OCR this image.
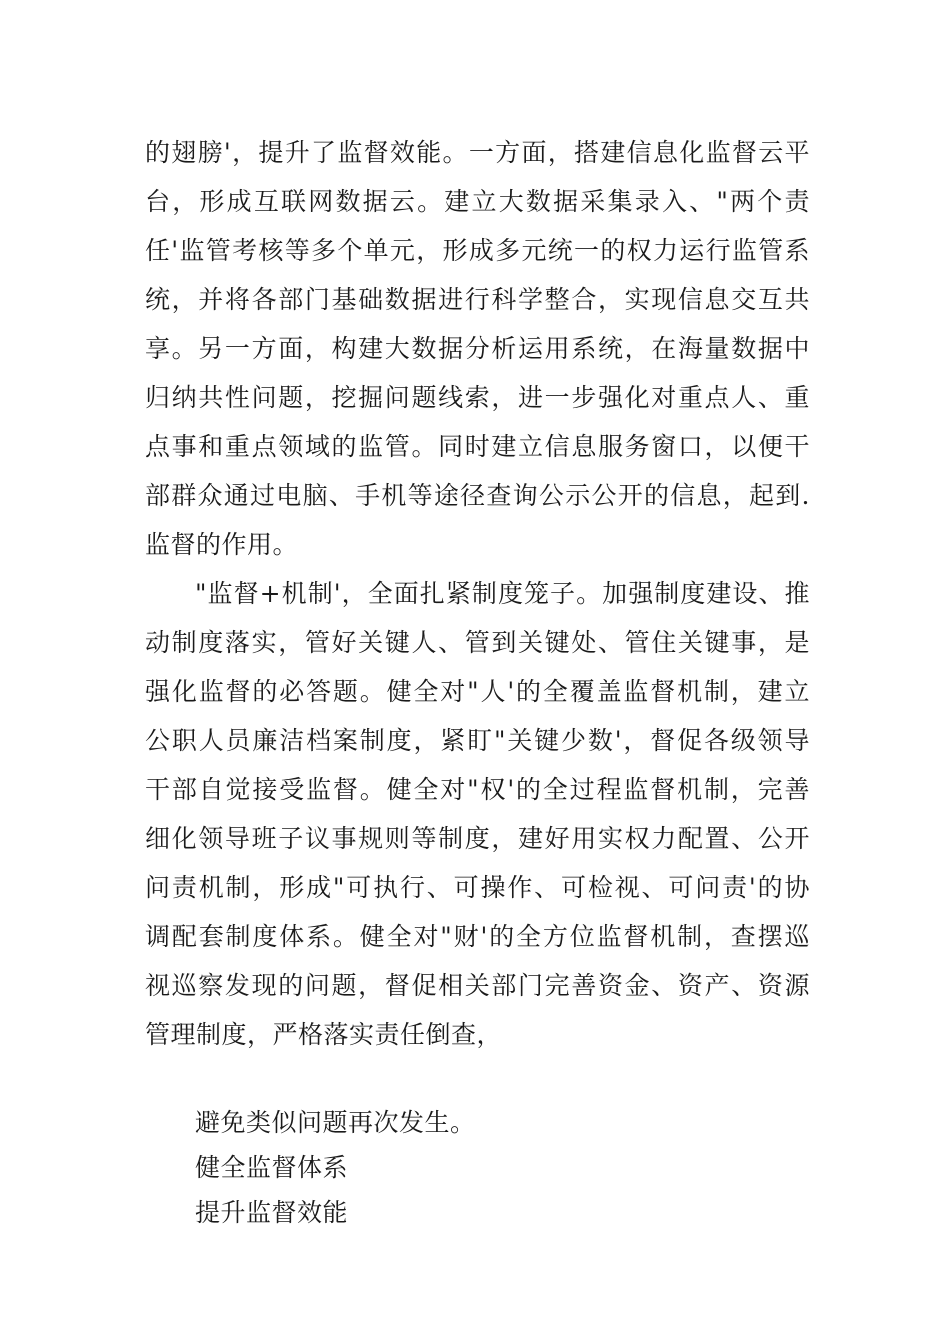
的翅膀'，提升了监督效能。一方面，搭建信息化监督云平
台，形成互联网数据云。建立大数据采集录入、"两个责
任'监管考核等多个单元，形成多元统一的权力运行监管系
统，并将各部门基础数据进行科学整合，实现信息交互共
享。另一方面，构建大数据分析运用系统，在海量数据中
归纳共性问题，挖掘问题线索，进一步强化对重点人、重
点事和重点领域的监管。同时建立信息服务窗口，以便干
部群众通过电脑、手机等途径查询公示公开的信息，起到.
监督的作用。
"监督+机制'，全面扎紧制度笼子。加强制度建设、推
动制度落实，管好关键人、管到关键处、管住关键事，是
强化监督的必答题。健全对"人'的全覆盖监督机制，建立
公职人员廉洁档案制度，紧盯"关键少数'，督促各级领导
干部自觉接受监督。健全对"权'的全过程监督机制，完善
细化领导班子议事规则等制度，建好用实权力配置、公开
问责机制，形成"可执行、可操作、可检视、可问责'的协
调配套制度体系。健全对"财'的全方位监督机制，查摆巡
视巡察发现的问题，督促相关部门完善资金、资产、资源
管理制度，严格落实责任倒查，
避免类似问题再次发生。
健全监督体系
提升监督效能
